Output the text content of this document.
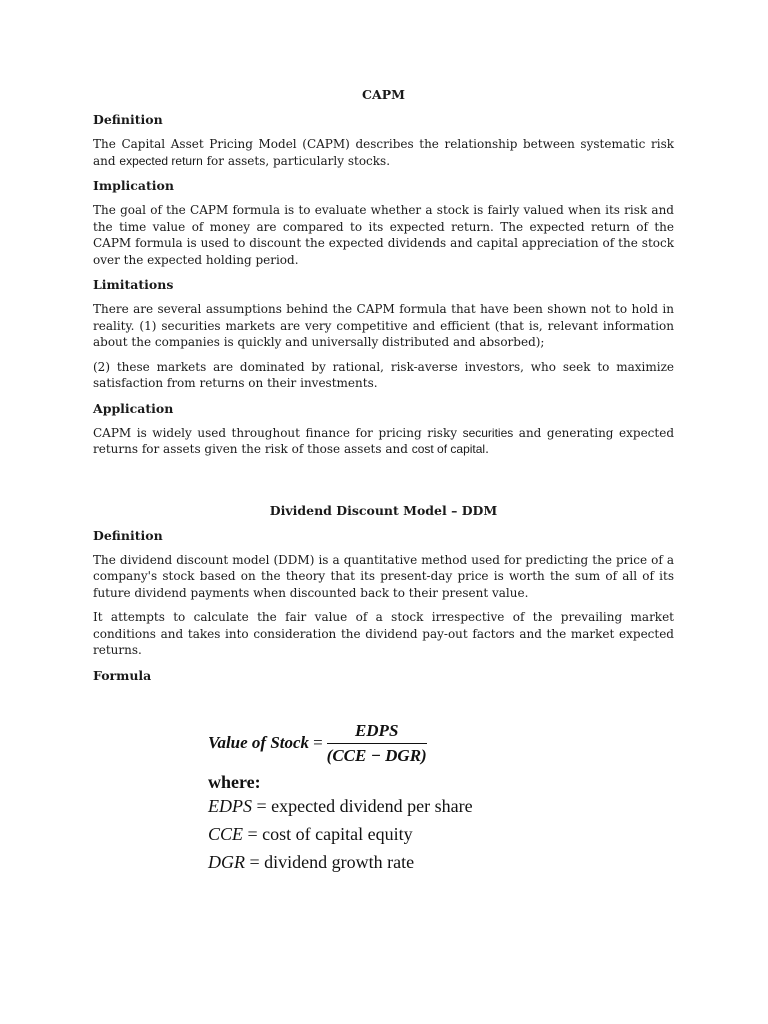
CAPM
Definition

The Capital Asset Pricing Model (CAPM) describes the relationship between systematic risk and expected return for assets, particularly stocks.

Implication

The goal of the CAPM formula is to evaluate whether a stock is fairly valued when its risk and the time value of money are compared to its expected return. The expected return of the CAPM formula is used to discount the expected dividends and capital appreciation of the stock over the expected holding period.

Limitations

There are several assumptions behind the CAPM formula that have been shown not to hold in reality. (1) securities markets are very competitive and efficient (that is, relevant information about the companies is quickly and universally distributed and absorbed);

(2) these markets are dominated by rational, risk-averse investors, who seek to maximize satisfaction from returns on their investments.

Application

CAPM is widely used throughout finance for pricing risky securities and generating expected returns for assets given the risk of those assets and cost of capital.

Dividend Discount Model – DDM
Definition

The dividend discount model (DDM) is a quantitative method used for predicting the price of a company's stock based on the theory that its present-day price is worth the sum of all of its future dividend payments when discounted back to their present value.

It attempts to calculate the fair value of a stock irrespective of the prevailing market conditions and takes into consideration the dividend pay-out factors and the market expected returns.

Formula
Value of Stock = $\frac{\text{EDPS}}{\text{(CCE − DGR)}}$
where:
EDPS = expected dividend per share
CCE = cost of capital equity
DGR = dividend growth rate
